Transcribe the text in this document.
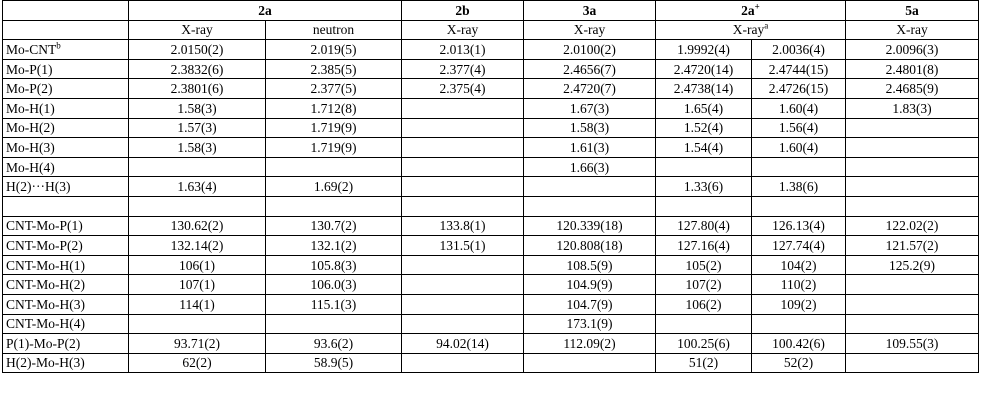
	2a		2b	3a	2a+		5a
	X-ray	neutron	X-ray	X-ray	X-ray$^a$		X-ray
Mo-CNT$^b$	2.0150(2)	2.019(5)	2.013(1)	2.0100(2)	1.9992(4)	2.0036(4)	2.0096(3)
Mo-P(1)	2.3832(6)	2.385(5)	2.377(4)	2.4656(7)	2.4720(14)	2.4744(15)	2.4801(8)
Mo-P(2)	2.3801(6)	2.377(5)	2.375(4)	2.4720(7)	2.4738(14)	2.4726(15)	2.4685(9)
Mo-H(1)	1.58(3)	1.712(8)		1.67(3)	1.65(4)	1.60(4)	1.83(3)
Mo-H(2)	1.57(3)	1.719(9)		1.58(3)	1.52(4)	1.56(4)	
Mo-H(3)	1.58(3)	1.719(9)		1.61(3)	1.54(4)	1.60(4)	
Mo-H(4)				1.66(3)			
H(2)···H(3)	1.63(4)	1.69(2)			1.33(6)	1.38(6)	

CNT-Mo-P(1)	130.62(2)	130.7(2)	133.8(1)	120.339(18)	127.80(4)	126.13(4)	122.02(2)
CNT-Mo-P(2)	132.14(2)	132.1(2)	131.5(1)	120.808(18)	127.16(4)	127.74(4)	121.57(2)
CNT-Mo-H(1)	106(1)	105.8(3)		108.5(9)	105(2)	104(2)	125.2(9)
CNT-Mo-H(2)	107(1)	106.0(3)		104.9(9)	107(2)	110(2)	
CNT-Mo-H(3)	114(1)	115.1(3)		104.7(9)	106(2)	109(2)	
CNT-Mo-H(4)				173.1(9)			
P(1)-Mo-P(2)	93.71(2)	93.6(2)	94.02(14)	112.09(2)	100.25(6)	100.42(6)	109.55(3)
H(2)-Mo-H(3)	62(2)	58.9(5)			51(2)	52(2)	
